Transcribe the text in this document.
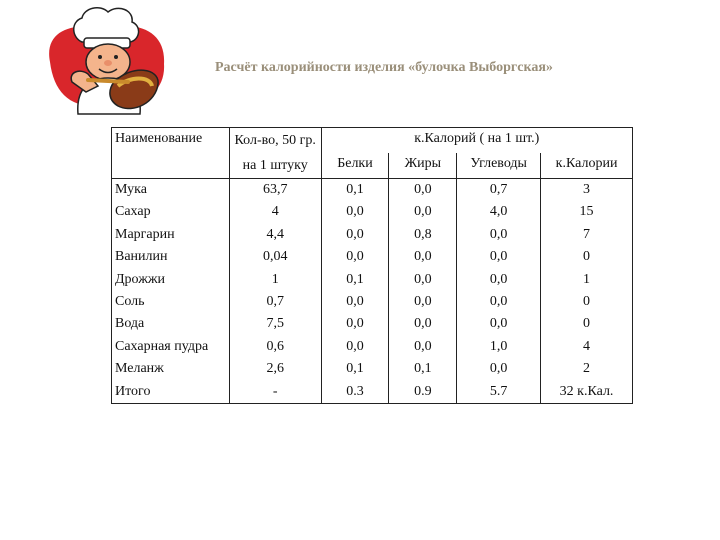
Расчёт калорийности изделия «булочка Выборгская»
Наименование	Кол-во, 50 гр. на 1 штуку	к.Калорий ( на 1 шт.)			
		Белки	Жиры	Углеводы	к.Калории
Мука	63,7	0,1	0,0	0,7	3
Сахар	4	0,0	0,0	4,0	15
Маргарин	4,4	0,0	0,8	0,0	7
Ванилин	0,04	0,0	0,0	0,0	0
Дрожжи	1	0,1	0,0	0,0	1
Соль	0,7	0,0	0,0	0,0	0
Вода	7,5	0,0	0,0	0,0	0
Сахарная пудра	0,6	0,0	0,0	1,0	4
Меланж	2,6	0,1	0,1	0,0	2
Итого	-	0.3	0.9	5.7	32 к.Кал.
